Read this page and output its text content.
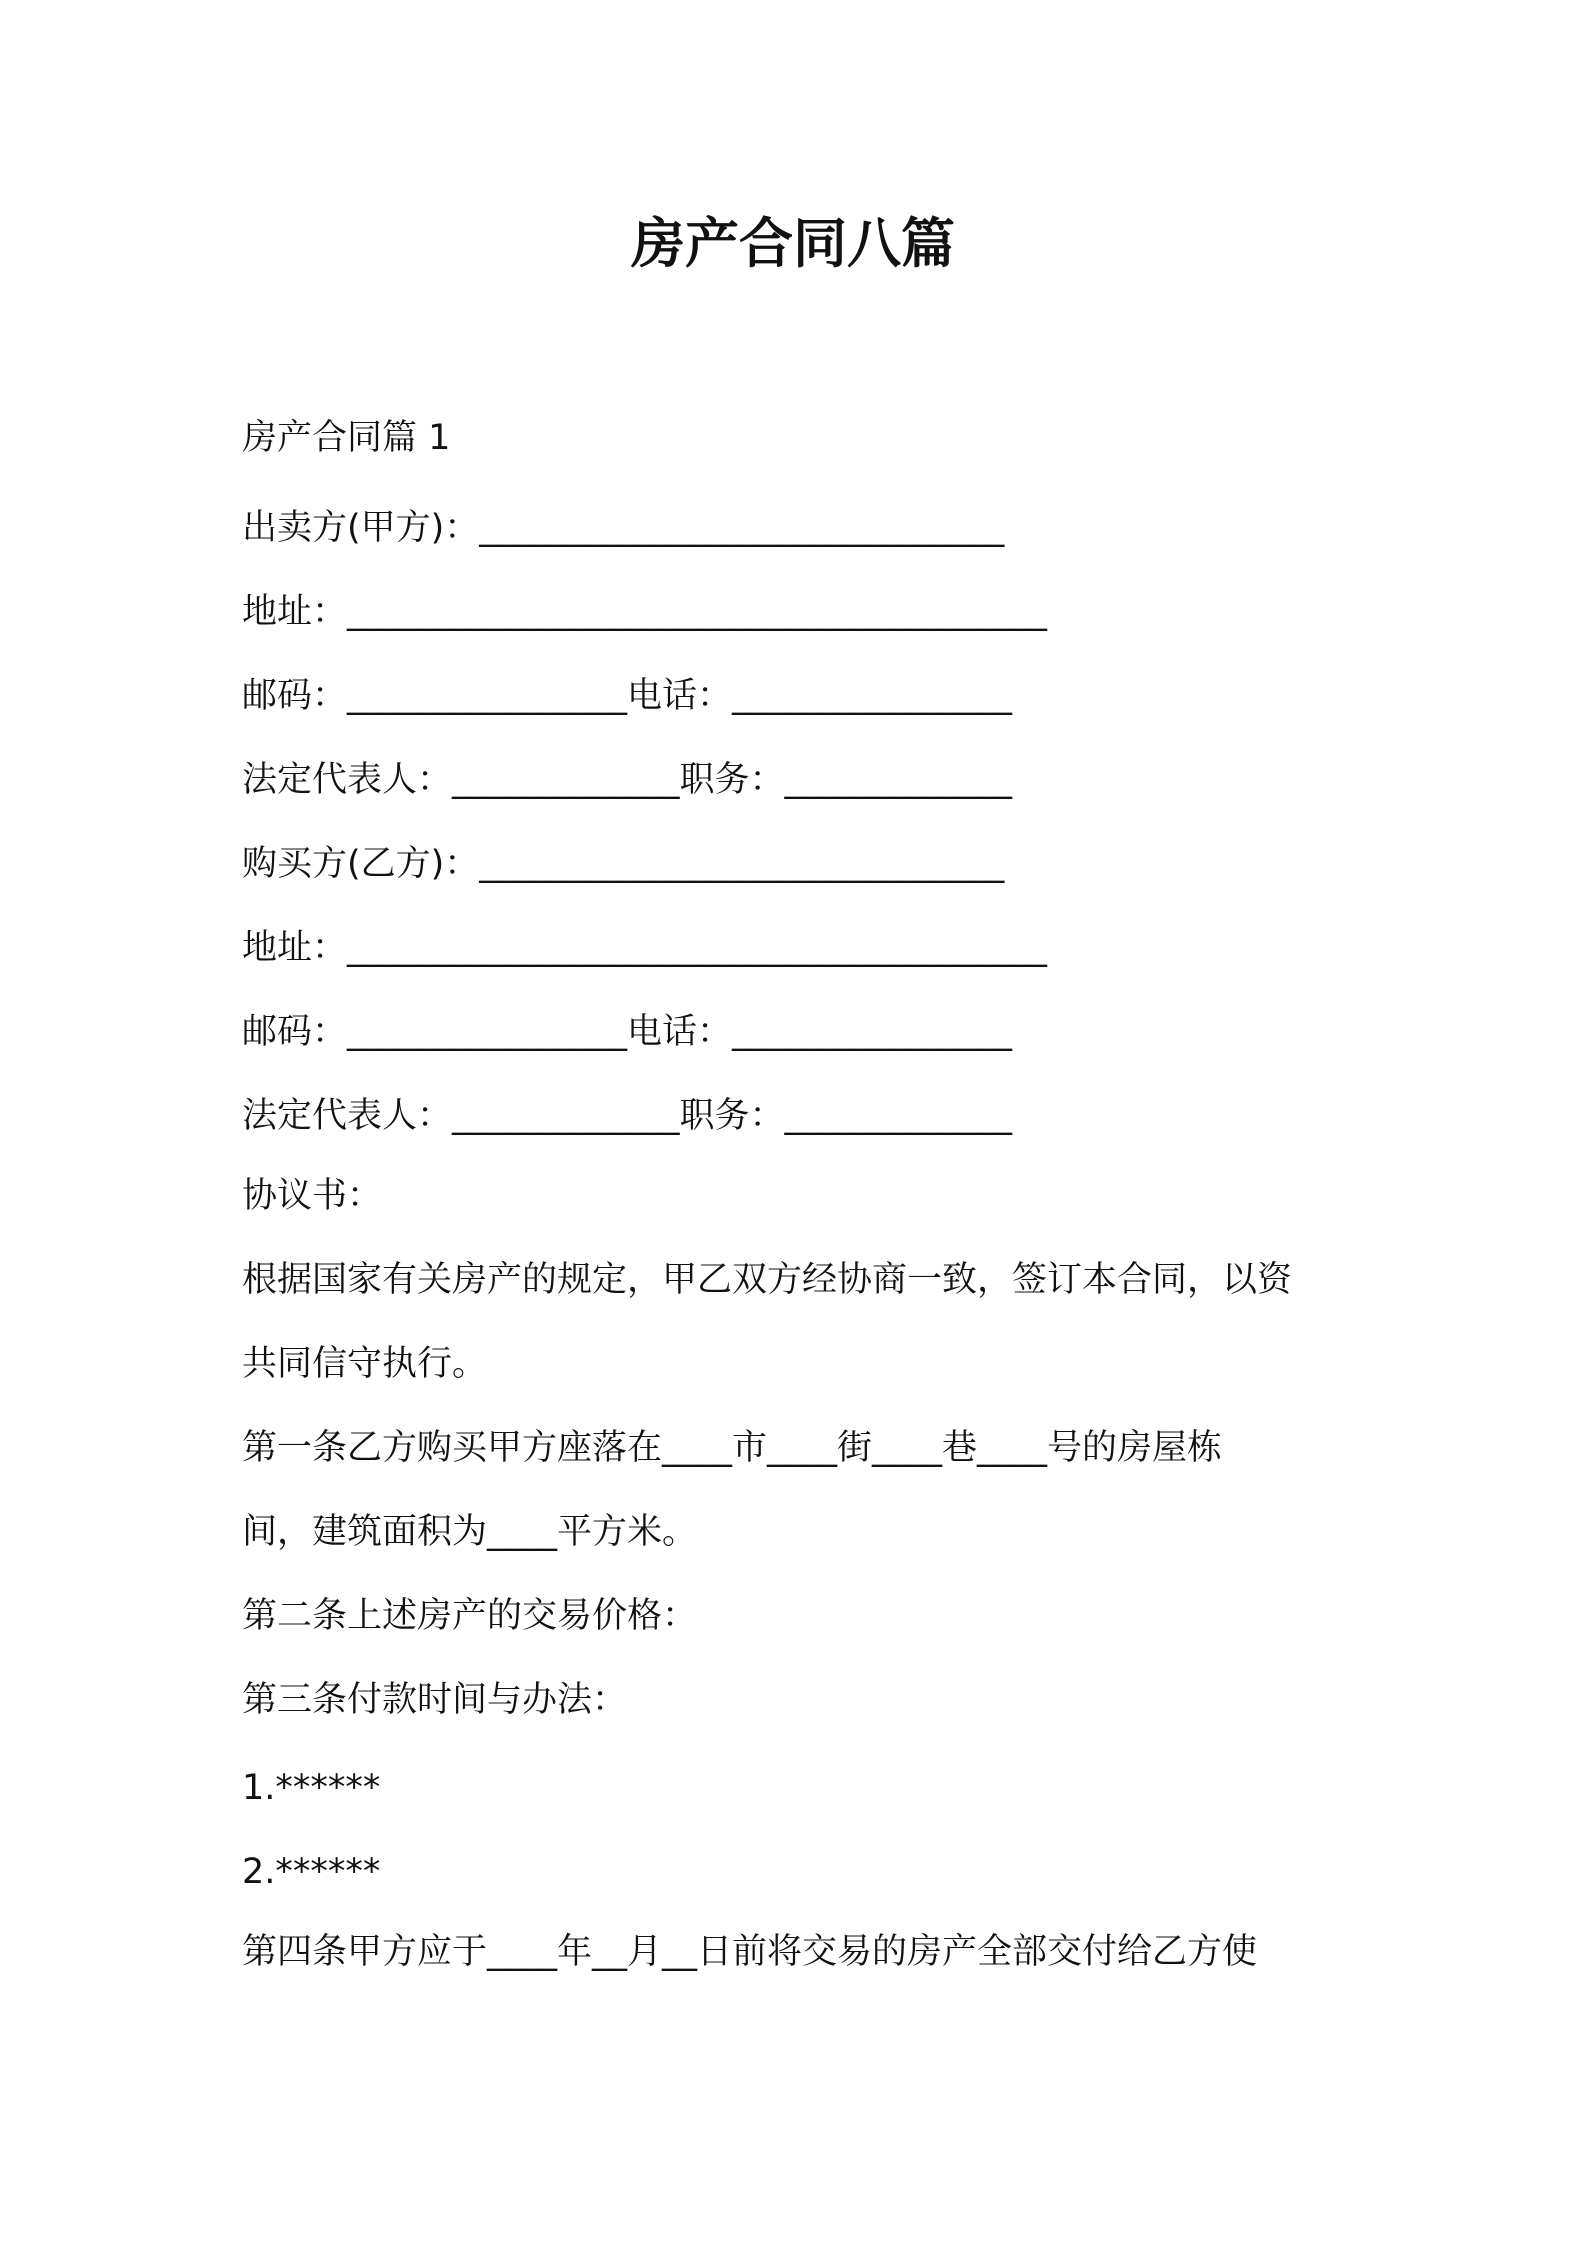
房产合同八篇
房产合同篇 1
出卖方(甲方)：______________________________
地址：________________________________________
邮码：________________电话：________________
法定代表人：_____________职务：_____________
购买方(乙方)：______________________________
地址：________________________________________
邮码：________________电话：________________
法定代表人：_____________职务：_____________
协议书：
根据国家有关房产的规定，甲乙双方经协商一致，签订本合同，以资
共同信守执行。
第一条乙方购买甲方座落在____市____街____巷____号的房屋栋
间，建筑面积为____平方米。
第二条上述房产的交易价格：
第三条付款时间与办法：
1.******
2.******
第四条甲方应于____年__月__日前将交易的房产全部交付给乙方使
